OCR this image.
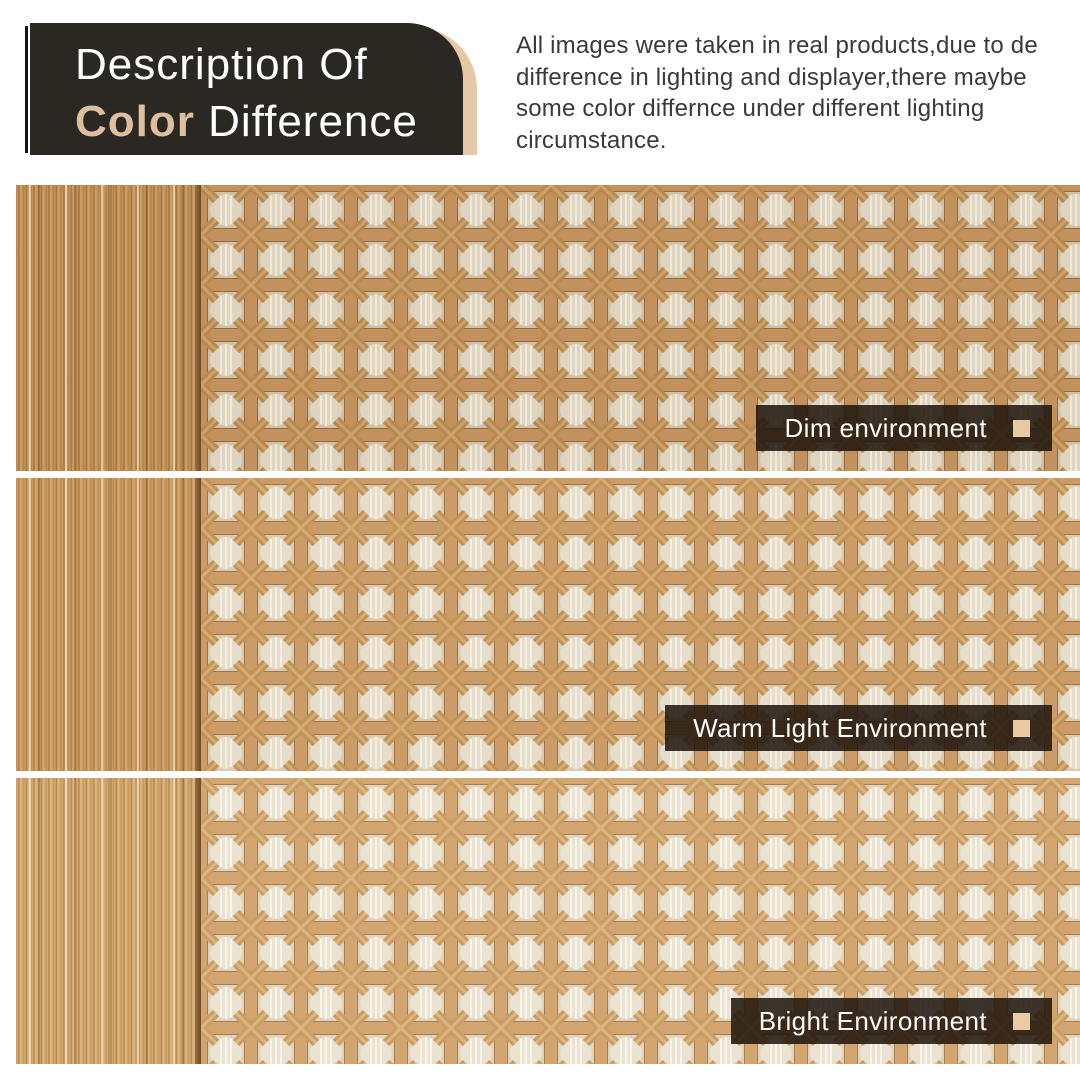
Description Of
Color Difference

All images were taken in real products,due to de difference in lighting and displayer,there maybe some color differnce under different lighting circumstance.

Dim environment
Warm Light Environment
Bright Environment
